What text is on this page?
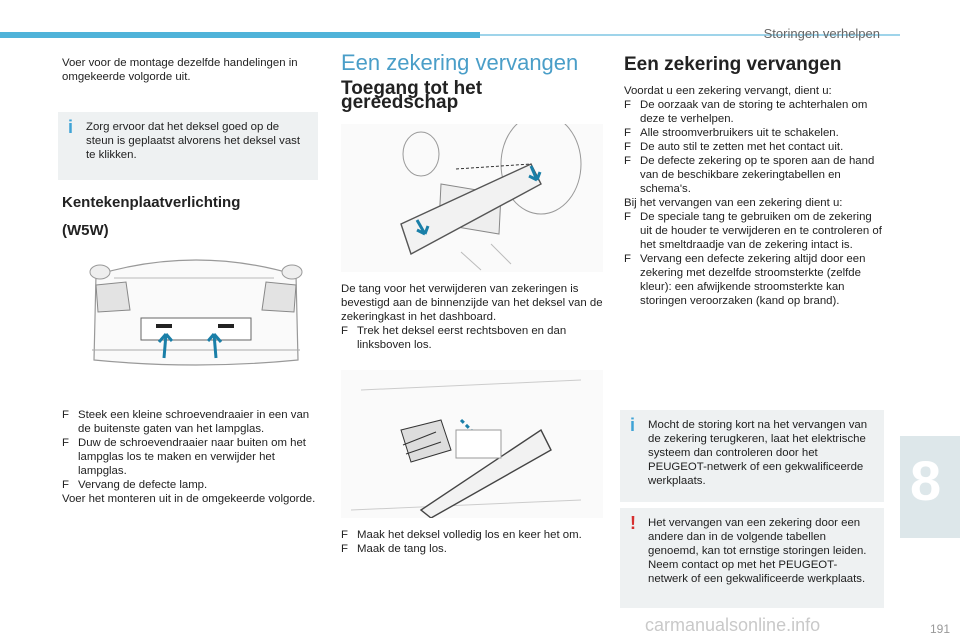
Storingen verhelpen

Voer voor de montage dezelfde handelingen in omgekeerde volgorde uit.

i Zorg ervoor dat het deksel goed op de steun is geplaatst alvorens het deksel vast te klikken.

Kentekenplaatverlichting

(W5W)

F Steek een kleine schroevendraaier in een van de buitenste gaten van het lampglas.

F Duw de schroevendraaier naar buiten om het lampglas los te maken en verwijder het lampglas.

F Vervang de defecte lamp.

Voer het monteren uit in de omgekeerde volgorde.

Een zekering vervangen

Toegang tot het gereedschap

De tang voor het verwijderen van zekeringen is bevestigd aan de binnenzijde van het deksel van de zekeringkast in het dashboard.

F Trek het deksel eerst rechtsboven en dan linksboven los.

F Maak het deksel volledig los en keer het om.

F Maak de tang los.

Een zekering vervangen

Voordat u een zekering vervangt, dient u:

F De oorzaak van de storing te achterhalen om deze te verhelpen.

F Alle stroomverbruikers uit te schakelen.

F De auto stil te zetten met het contact uit.

F De defecte zekering op te sporen aan de hand van de beschikbare zekeringtabellen en schema's.

Bij het vervangen van een zekering dient u:

F De speciale tang te gebruiken om de zekering uit de houder te verwijderen en te controleren of het smeltdraadje van de zekering intact is.

F Vervang een defecte zekering altijd door een zekering met dezelfde stroomsterkte (zelfde kleur): een afwijkende stroomsterkte kan storingen veroorzaken (kand op brand).

i Mocht de storing kort na het vervangen van de zekering terugkeren, laat het elektrische systeem dan controleren door het PEUGEOT-netwerk of een gekwalificeerde werkplaats.
! Het vervangen van een zekering door een andere dan in de volgende tabellen genoemd, kan tot ernstige storingen leiden. Neem contact op met het PEUGEOT-netwerk of een gekwalificeerde werkplaats.
8
carmanualsonline.info	191
